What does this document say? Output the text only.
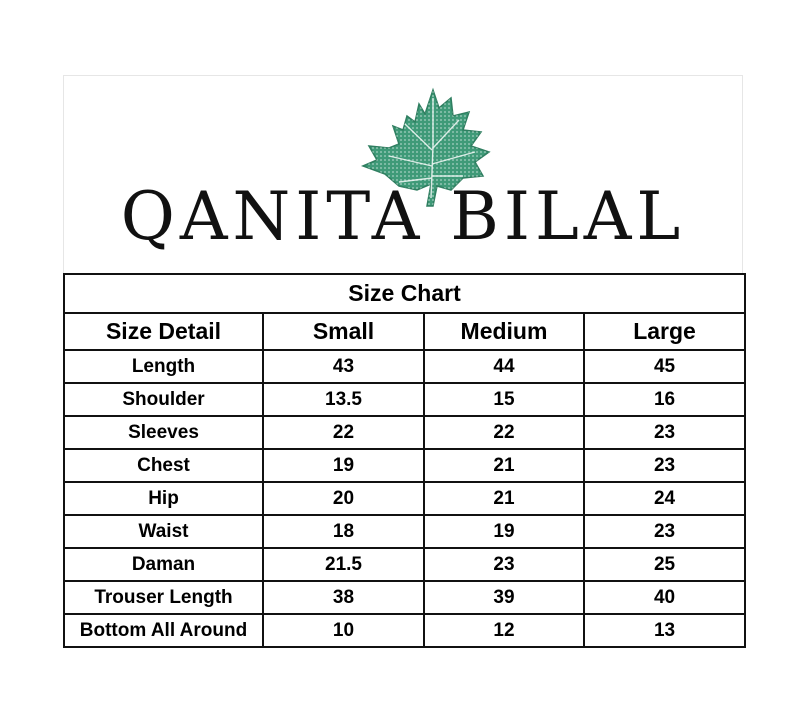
QANITA BILAL
Size Chart			
Size Detail	Small	Medium	Large
Length	43	44	45
Shoulder	13.5	15	16
Sleeves	22	22	23
Chest	19	21	23
Hip	20	21	24
Waist	18	19	23
Daman	21.5	23	25
Trouser Length	38	39	40
Bottom All Around	10	12	13
